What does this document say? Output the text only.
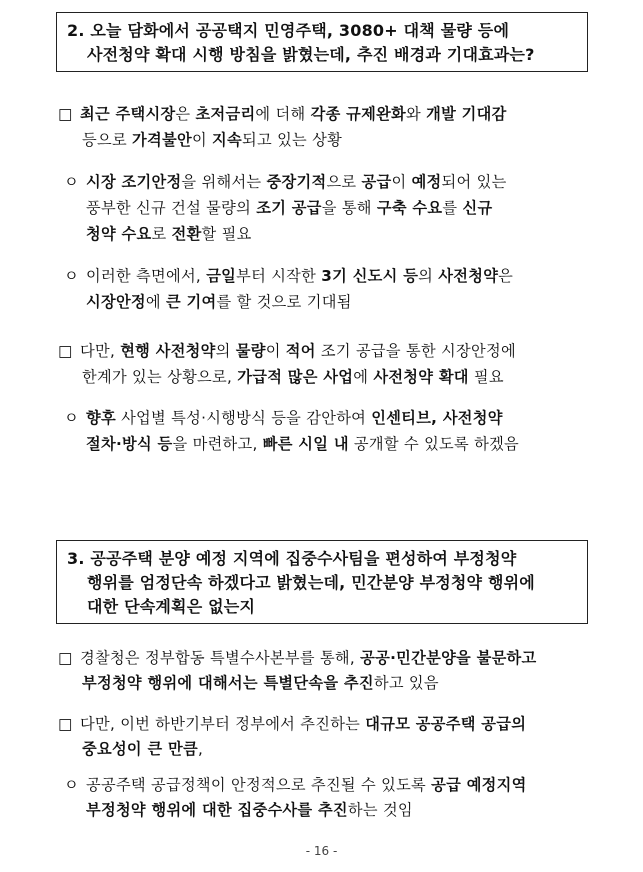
2. 오늘 담화에서 공공택지 민영주택, 3080+ 대책 물량 등에
사전청약 확대 시행 방침을 밝혔는데, 추진 배경과 기대효과는?
□ 최근 주택시장은 초저금리에 더해 각종 규제완화와 개발 기대감
등으로 가격불안이 지속되고 있는 상황
ㅇ 시장 조기안정을 위해서는 중장기적으로 공급이 예정되어 있는
풍부한 신규 건설 물량의 조기 공급을 통해 구축 수요를 신규
청약 수요로 전환할 필요
ㅇ 이러한 측면에서, 금일부터 시작한 3기 신도시 등의 사전청약은
시장안정에 큰 기여를 할 것으로 기대됨
□ 다만, 현행 사전청약의 물량이 적어 조기 공급을 통한 시장안정에
한계가 있는 상황으로, 가급적 많은 사업에 사전청약 확대 필요
ㅇ 향후 사업별 특성·시행방식 등을 감안하여 인센티브, 사전청약
절차·방식 등을 마련하고, 빠른 시일 내 공개할 수 있도록 하겠음
3. 공공주택 분양 예정 지역에 집중수사팀을 편성하여 부정청약
행위를 엄정단속 하겠다고 밝혔는데, 민간분양 부정청약 행위에
대한 단속계획은 없는지
□ 경찰청은 정부합동 특별수사본부를 통해, 공공·민간분양을 불문하고
부정청약 행위에 대해서는 특별단속을 추진하고 있음
□ 다만, 이번 하반기부터 정부에서 추진하는 대규모 공공주택 공급의
중요성이 큰 만큼,
ㅇ 공공주택 공급정책이 안정적으로 추진될 수 있도록 공급 예정지역
부정청약 행위에 대한 집중수사를 추진하는 것임
- 16 -
